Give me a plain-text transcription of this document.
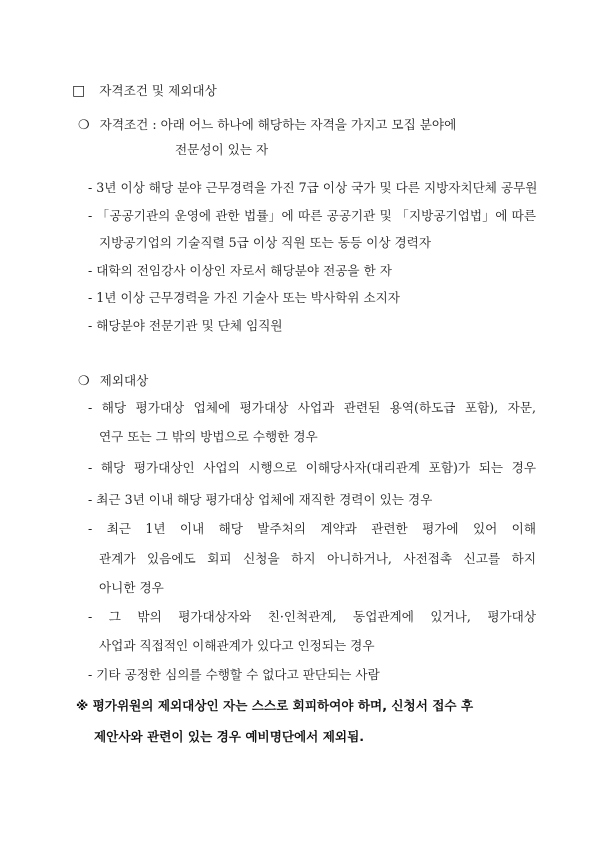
□ 자격조건 및 제외대상
❍ 자격조건 : 아래 어느 하나에 해당하는 자격을 가지고 모집 분야에
전문성이 있는 자
- 3년 이상 해당 분야 근무경력을 가진 7급 이상 국가 및 다른 지방자치단체 공무원
- 「공공기관의 운영에 관한 법률」에 따른 공공기관 및 「지방공기업법」에 따른
지방공기업의 기술직렬 5급 이상 직원 또는 동등 이상 경력자
- 대학의 전임강사 이상인 자로서 해당분야 전공을 한 자
- 1년 이상 근무경력을 가진 기술사 또는 박사학위 소지자
- 해당분야 전문기관 및 단체 임직원
❍ 제외대상
- 해당 평가대상 업체에 평가대상 사업과 관련된 용역(하도급 포함), 자문,
연구 또는 그 밖의 방법으로 수행한 경우
- 해당 평가대상인 사업의 시행으로 이해당사자(대리관계 포함)가 되는 경우
- 최근 3년 이내 해당 평가대상 업체에 재직한 경력이 있는 경우
- 최근 1년 이내 해당 발주처의 계약과 관련한 평가에 있어 이해
관계가 있음에도 회피 신청을 하지 아니하거나, 사전접촉 신고를 하지
아니한 경우
- 그 밖의 평가대상자와 친·인척관계, 동업관계에 있거나, 평가대상
사업과 직접적인 이해관계가 있다고 인정되는 경우
- 기타 공정한 심의를 수행할 수 없다고 판단되는 사람
※ 평가위원의 제외대상인 자는 스스로 회피하여야 하며, 신청서 접수 후
제안사와 관련이 있는 경우 예비명단에서 제외됨.
